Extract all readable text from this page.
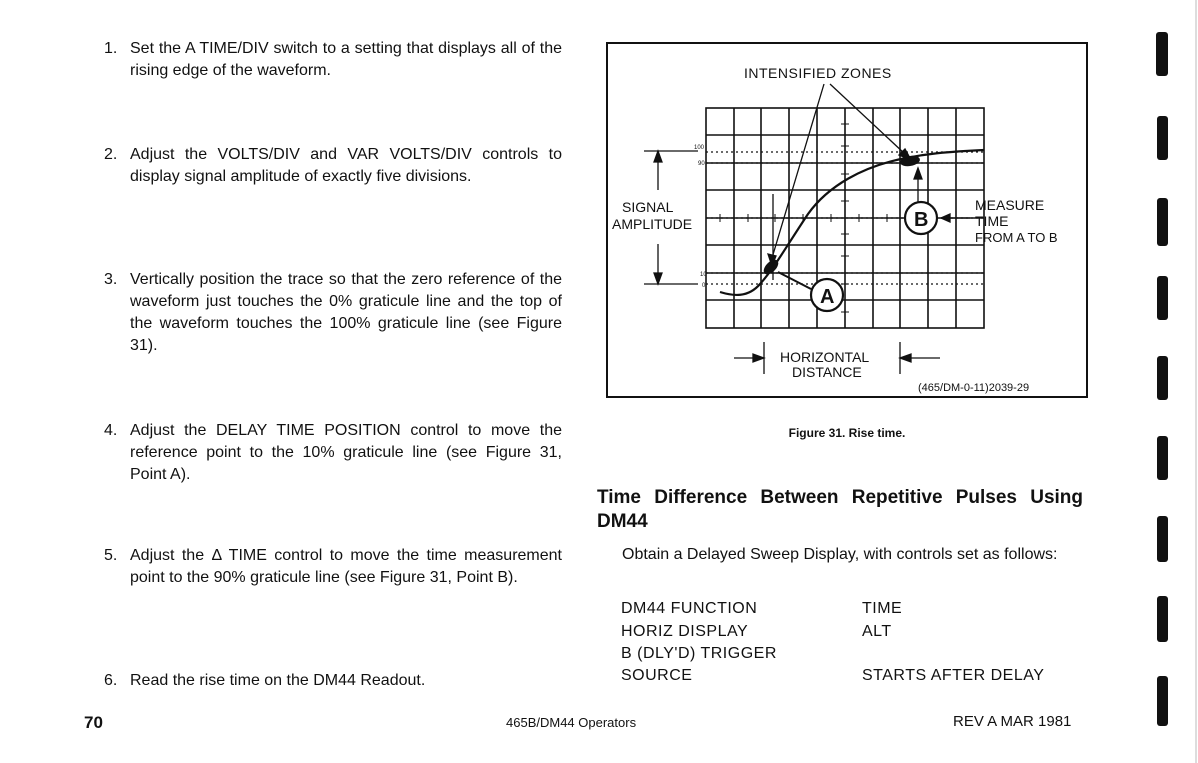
1. Set the A TIME/DIV switch to a setting that displays all of the rising edge of the waveform.
2. Adjust the VOLTS/DIV and VAR VOLTS/DIV controls to display signal amplitude of exactly five divisions.
3. Vertically position the trace so that the zero reference of the waveform just touches the 0% graticule line and the top of the waveform touches the 100% graticule line (see Figure 31).
4. Adjust the DELAY TIME POSITION control to move the reference point to the 10% graticule line (see Figure 31, Point A).
5. Adjust the Δ TIME control to move the time measurement point to the 90% graticule line (see Figure 31, Point B).
6. Read the rise time on the DM44 Readout.
100
90
10
0
INTENSIFIED ZONES
SIGNAL
AMPLITUDE	B
A
MEASURE
TIME
FROM A TO B
HORIZONTAL
DISTANCE
(465/DM-0-11)2039-29
Figure 31. Rise time.
Time Difference Between Repetitive Pulses Using DM44
Obtain a Delayed Sweep Display, with controls set as follows:
DM44 FUNCTION	TIME
HORIZ DISPLAY	ALT
B (DLY'D) TRIGGER
SOURCE	STARTS AFTER DELAY
70	465B/DM44 Operators	REV A MAR 1981
